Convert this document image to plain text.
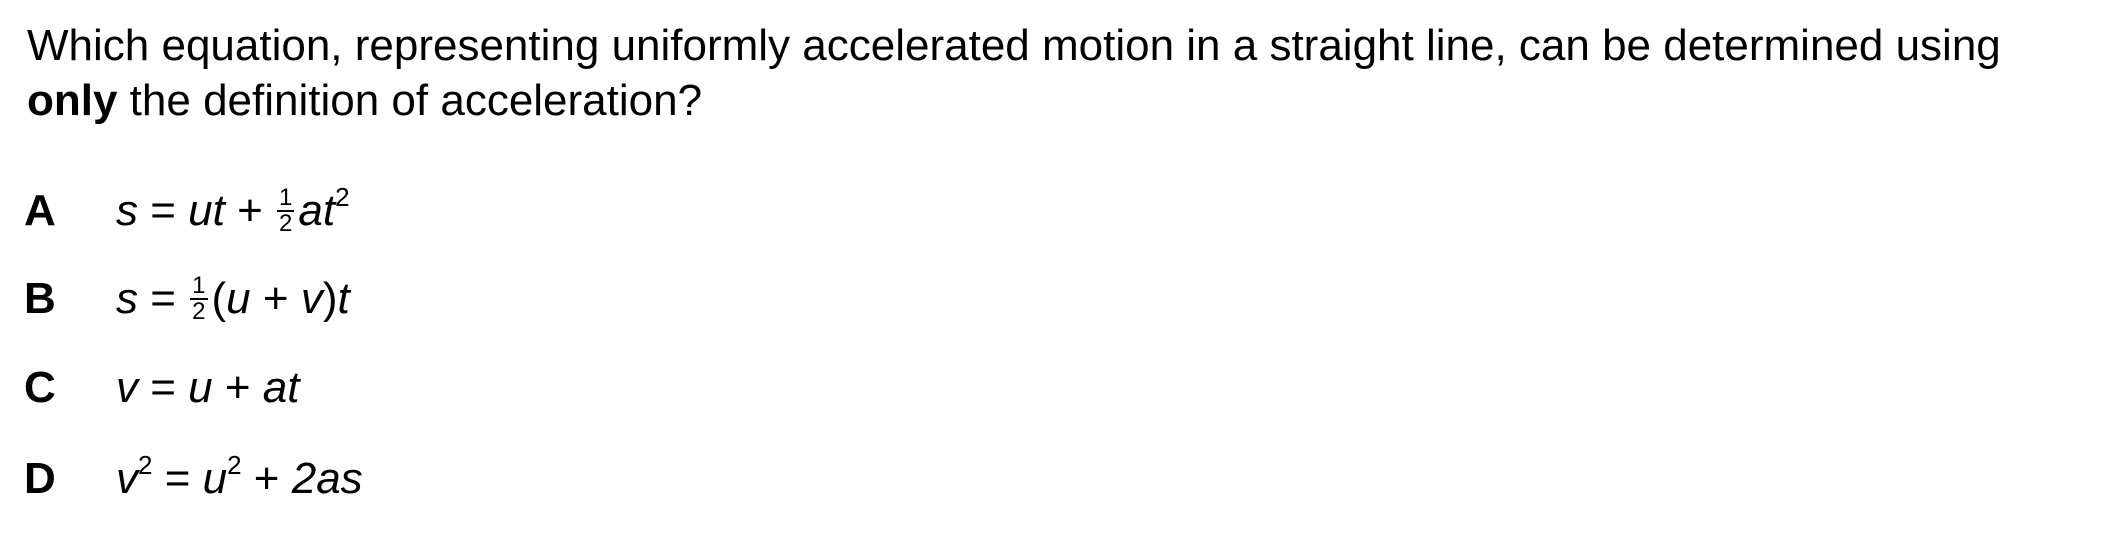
Which equation, representing uniformly accelerated motion in a straight line, can be determined using only the definition of acceleration?

A	s = ut + $\frac{1}{2} at^2$
B	$s = \frac{1}{2}$ ( u + v ) t
C	v = u + at
D	$v^2 = u^2 + 2as$
